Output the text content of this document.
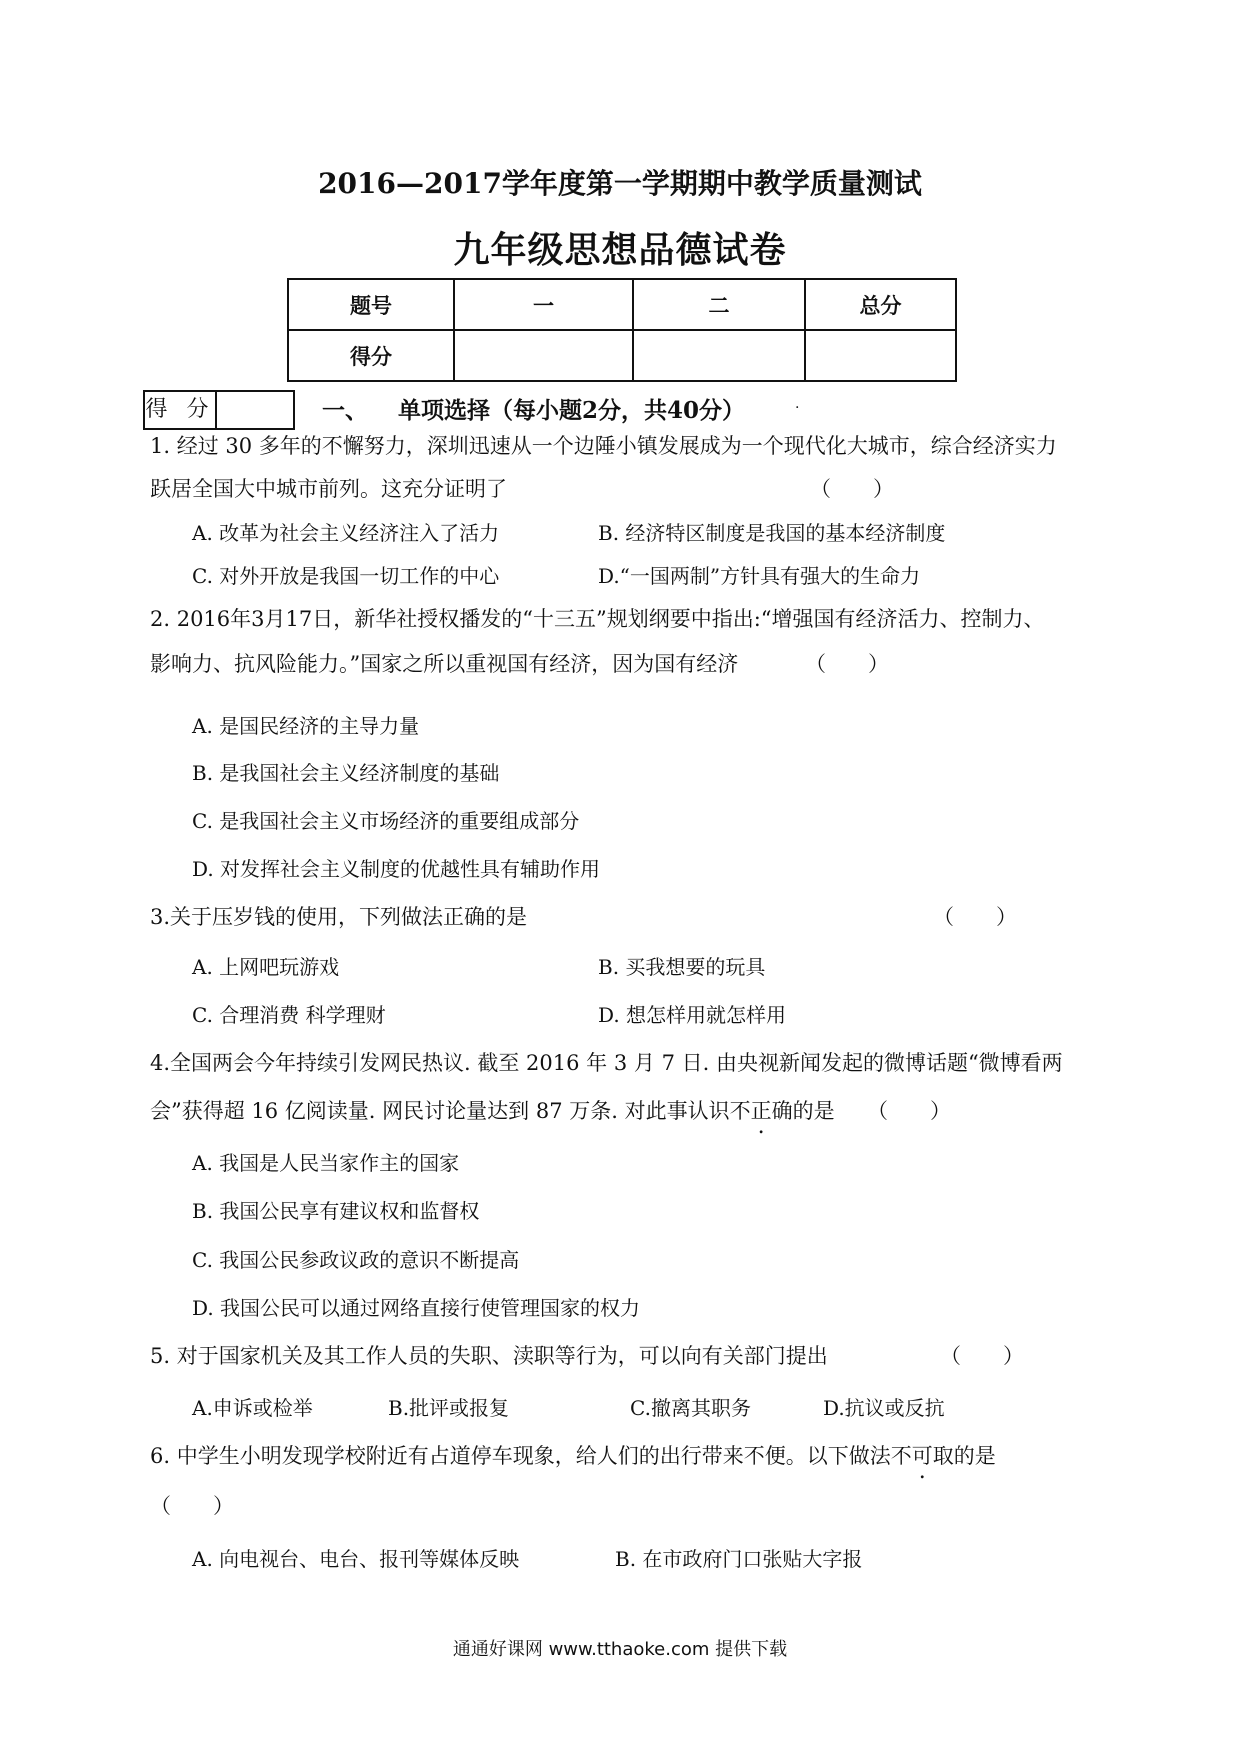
2016—2017学年度第一学期期中教学质量测试
九年级思想品德试卷
题号	一	二	总分
得分			
得 分	一、 单项选择（每小题2分，共40分）	.
1. 经过 30 多年的不懈努力，深圳迅速从一个边陲小镇发展成为一个现代化大城市，综合经济实力
跃居全国大中城市前列。这充分证明了	（　　）
A. 改革为社会主义经济注入了活力	B. 经济特区制度是我国的基本经济制度
C. 对外开放是我国一切工作的中心	D.“一国两制”方针具有强大的生命力
2. 2016年3月17日，新华社授权播发的“十三五”规划纲要中指出:“增强国有经济活力、控制力、
影响力、抗风险能力。”国家之所以重视国有经济，因为国有经济	（　　）
A. 是国民经济的主导力量
B. 是我国社会主义经济制度的基础
C. 是我国社会主义市场经济的重要组成部分
D. 对发挥社会主义制度的优越性具有辅助作用
3.关于压岁钱的使用，下列做法正确的是	（　　）
A. 上网吧玩游戏	B. 买我想要的玩具
C. 合理消费 科学理财	D. 想怎样用就怎样用
4.全国两会今年持续引发网民热议. 截至 2016 年 3 月 7 日. 由央视新闻发起的微博话题“微博看两
会”获得超 16 亿阅读量. 网民讨论量达到 87 万条. 对此事认识不正确的是 （　　）
A. 我国是人民当家作主的国家
B. 我国公民享有建议权和监督权
C. 我国公民参政议政的意识不断提高
D. 我国公民可以通过网络直接行使管理国家的权力
5. 对于国家机关及其工作人员的失职、渎职等行为，可以向有关部门提出	（　　）
A.申诉或检举	B.批评或报复	C.撤离其职务	D.抗议或反抗
6. 中学生小明发现学校附近有占道停车现象，给人们的出行带来不便。以下做法不可取的是
（　　）
A. 向电视台、电台、报刊等媒体反映	B. 在市政府门口张贴大字报
通通好课网 www.tthaoke.com 提供下载
